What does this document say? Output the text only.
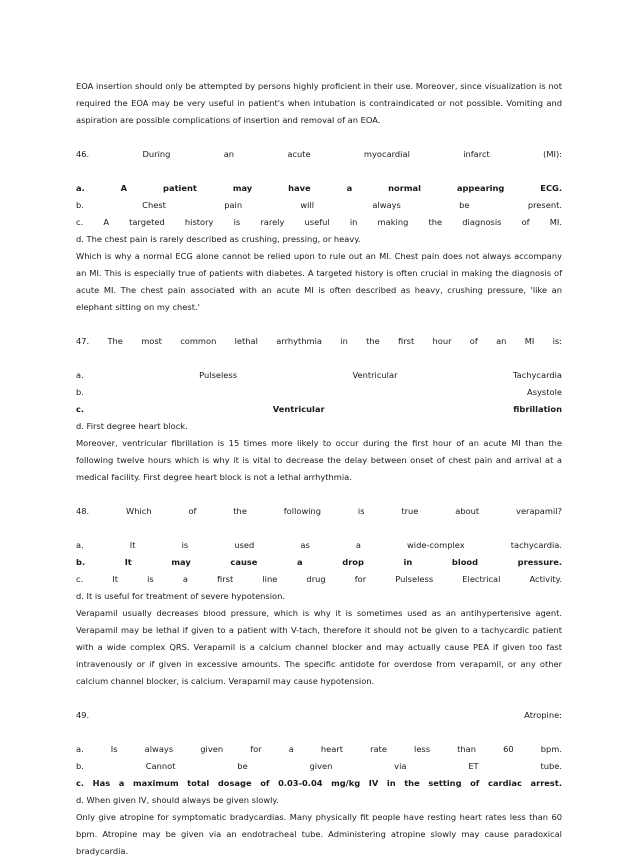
EOA insertion should only be attempted by persons highly proficient in their use. Moreover, since visualization is not required the EOA may be very useful in patient's when intubation is contraindicated or not possible. Vomiting and aspiration are possible complications of insertion and removal of an EOA.

46. During an acute myocardial infarct (MI):

a. A patient may have a normal appearing ECG.

b. Chest pain will always be present.

c. A targeted history is rarely useful in making the diagnosis of MI.

d. The chest pain is rarely described as crushing, pressing, or heavy.

Which is why a normal ECG alone cannot be relied upon to rule out an MI. Chest pain does not always accompany an MI. This is especially true of patients with diabetes. A targeted history is often crucial in making the diagnosis of acute MI. The chest pain associated with an acute MI is often described as heavy, crushing pressure, 'like an elephant sitting on my chest.'

47. The most common lethal arrhythmia in the first hour of an MI is:

a. Pulseless Ventricular Tachycardia

b. Asystole

c. Ventricular fibrillation

d. First degree heart block.

Moreover, ventricular fibrillation is 15 times more likely to occur during the first hour of an acute MI than the following twelve hours which is why it is vital to decrease the delay between onset of chest pain and arrival at a medical facility. First degree heart block is not a lethal arrhythmia.

48. Which of the following is true about verapamil?

a. It is used as a wide-complex tachycardia.

b. It may cause a drop in blood pressure.

c. It is a first line drug for Pulseless Electrical Activity.

d. It is useful for treatment of severe hypotension.

Verapamil usually decreases blood pressure, which is why it is sometimes used as an antihypertensive agent. Verapamil may be lethal if given to a patient with V-tach, therefore it should not be given to a tachycardic patient with a wide complex QRS. Verapamil is a calcium channel blocker and may actually cause PEA if given too fast intravenously or if given in excessive amounts. The specific antidote for overdose from verapamil, or any other calcium channel blocker, is calcium. Verapamil may cause hypotension.

49. Atropine:

a. Is always given for a heart rate less than 60 bpm.

b. Cannot be given via ET tube.

c. Has a maximum total dosage of 0.03-0.04 mg/kg IV in the setting of cardiac arrest.

d. When given IV, should always be given slowly.

Only give atropine for symptomatic bradycardias. Many physically fit people have resting heart rates less than 60 bpm. Atropine may be given via an endotracheal tube. Administering atropine slowly may cause paradoxical bradycardia.
